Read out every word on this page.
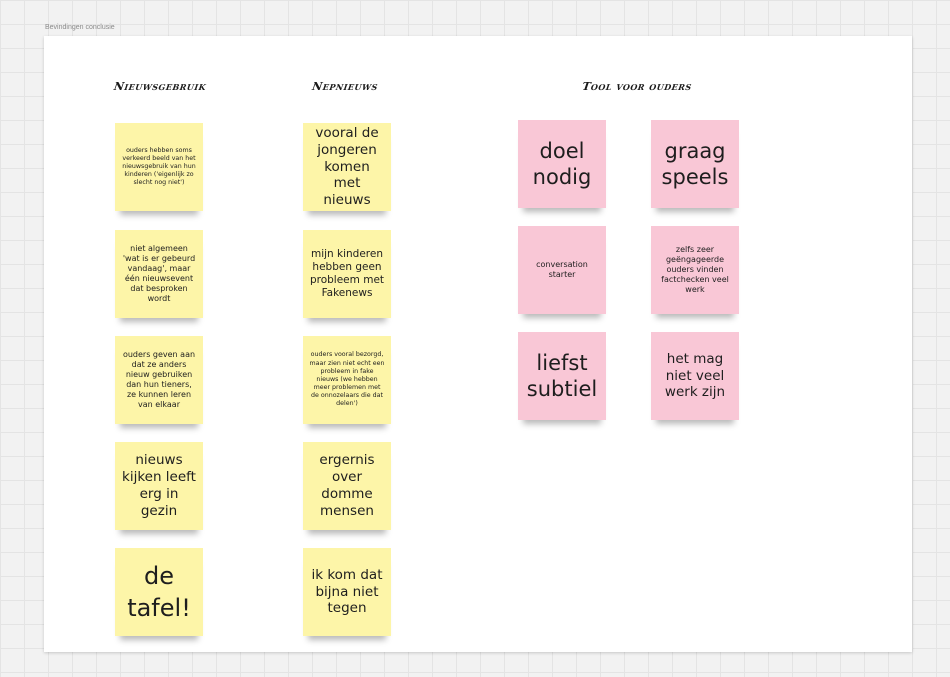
Bevindingen conclusie
Nieuwsgebruik	Nepnieuws	Tool voor ouders
ouders hebben soms verkeerd beeld van het nieuwsgebruik van hun kinderen ('eigenlijk zo slecht nog niet')
niet algemeen 'wat is er gebeurd vandaag', maar één nieuwsevent dat besproken wordt
ouders geven aan dat ze anders nieuw gebruiken dan hun tieners, ze kunnen leren van elkaar
nieuws kijken leeft erg in gezin
de tafel!
vooral de jongeren komen met nieuws
mijn kinderen hebben geen probleem met Fakenews
ouders vooral bezorgd, maar zien niet echt een probleem in fake nieuws (we hebben meer problemen met de onnozelaars die dat delen')
ergernis over domme mensen
ik kom dat bijna niet tegen
doel nodig
graag speels
conversation starter
zelfs zeer geëngageerde ouders vinden factchecken veel werk
liefst subtiel
het mag niet veel werk zijn
